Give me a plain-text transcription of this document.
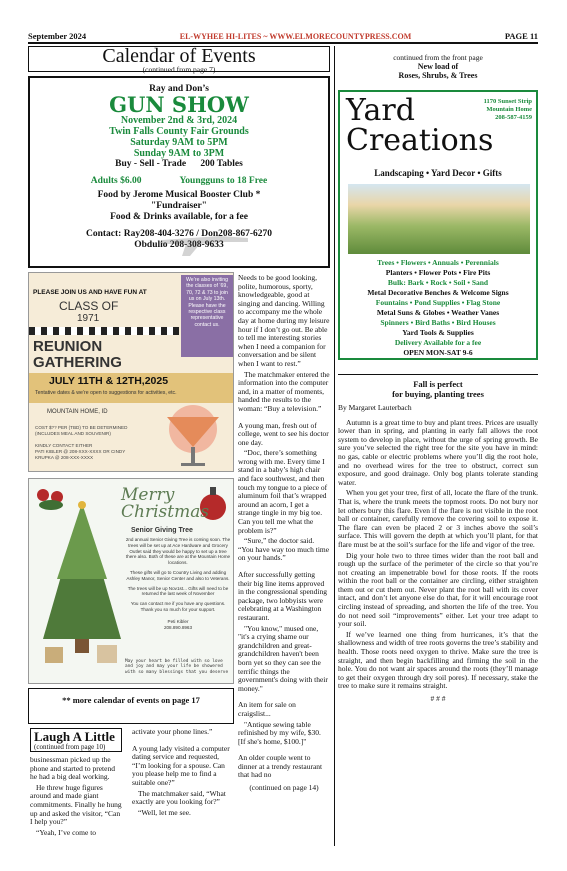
September 2024	EL-WYHEE HI-LITES ~ WWW.ELMORECOUNTYPRESS.COM	PAGE 11
Calendar of Events
(continued from page 7)
Ray and Don’s
GUN SHOW
November 2nd & 3rd, 2024
Twin Falls County Fair Grounds
Saturday 9AM to 5PM
Sunday 9AM to 3PM
Buy - Sell - Trade      200 Tables
Adults $6.00	Youngguns to 18 Free
Food by Jerome Musical Booster Club *
"Fundraiser"
Food & Drinks available, for a fee
Contact: Ray208-404-3276 / Don208-867-6270
Obdulio 208-308-9633
PLEASE JOIN US AND HAVE FUN AT
We’re also inviting the classes of ‘69, 70, 72 & 73 to join us on July 13th. Please have the respective class representative contact us.
CLASS OF
1971
REUNION
GATHERING
JULY 11TH & 12TH,2025
Tentative dates & we’re open to suggestions for activities, etc.
MOUNTAIN HOME, ID
COST $?? PER (TBD) TO BE DETERMINED
(INCLUDES MEAL AND SOUVENIR)
KINDLY CONTACT EITHER
PATI KIBLER @ 208-XXX-XXXX OR CINDY KRUPKA @ 208-XXX-XXXX
Merry Christmas
Senior Giving Tree
2nd annual Senior Giving Tree is coming soon. The trees will be set up at Ace Hardware and Grocery Outlet said they would be happy to set up a tree there also. Both of these are at the Mountain Home locations.
These gifts will go to Country Living and adding Ashley Manor, Senior Center and also to Veterans.
The trees will be up Nov1st... Gifts will need to be returned the last week of November
You can contact me if you have any questions. Thank you so much for your support.
Peti Kibler
208.890.8963
May your heart be filled with so love and joy and may your life be showered with so many blessings that you deserve
** more calendar of events on page 17
Laugh A Little
(continued from page 10)

businessman picked up the phone and started to pretend he had a big deal working.

He threw huge figures around and made giant commitments. Finally he hung up and asked the visitor, “Can I help you?”

“Yeah, I’ve come to

activate your phone lines.”

A young lady visited a computer dating service and requested, “I’m looking for a spouse. Can you please help me to find a suitable one?”

The matchmaker said, “What exactly are you looking for?”

“Well, let me see.

Needs to be good looking, polite, humorous, sporty, knowledgeable, good at singing and dancing. Willing to accompany me the whole day at home during my leisure hour if I don’t go out. Be able to tell me interesting stories when I need a companion for conversation and be silent when I want to rest.”

The matchmaker entered the information into the computer and, in a matter of moments, handed the results to the woman: “Buy a television.”

A young man, fresh out of college, went to see his doctor one day.

“Doc, there’s something wrong with me. Every time I stand in a baby’s high chair and face southwest, and then touch my tongue to a piece of aluminum foil that’s wrapped around an acorn, I get a strange tingle in my big toe. Can you tell me what the problem is?”

“Sure,” the doctor said. “You have way too much time on your hands.”

After successfully getting their big line items approved in the congressional spending package, two lobbyists were celebrating at a Washington restaurant.

"You know," mused one, "it's a crying shame our grandchildren and great-grandchildren haven't been born yet so they can see the terrific things the government's doing with their money."

An item for sale on craigslist...

"Antique sewing table refinished by my wife, $30. [If she's home, $100.]"

An older couple went to dinner at a trendy restaurant that had no

(continued on page 14)

continued from the front page
New load of
Roses, Shrubs, & Trees
Yard
Creations
1170 Sunset Strip
Mountain Home
208-587-4159
Landscaping • Yard Decor • Gifts
Trees • Flowers • Annuals • Perennials
Planters • Flower Pots • Fire Pits
Bulk: Bark • Rock • Soil • Sand
Metal Decorative Benches & Welcome Signs
Fountains • Pond Supplies • Flag Stone
Metal Suns & Globes • Weather Vanes
Spinners • Bird Baths • Bird Houses
Yard Tools & Supplies
Delivery Available for a fee
OPEN MON-SAT 9-6
Fall is perfect
for buying, planting trees

By Margaret Lauterbach

Autumn is a great time to buy and plant trees. Prices are usually lower than in spring, and planting in early fall allows the root system to develop in place, without the urge of spring growth. Be sure you’ve selected the right tree for the site you have in mind: no gas, cable or electric problems where you’ll dig the root hole, and no overhead wires for the tree to obstruct, correct sun exposure, and good drainage. Only bog plants tolerate standing water.

When you get your tree, first of all, locate the flare of the trunk. That is, where the trunk meets the topmost roots. Do not bury nor let others bury this flare. Even if the flare is not visible in the root ball or container, carefully remove the covering soil to expose it. The flare can even be placed 2 or 3 inches above the soil’s surface. This will govern the depth at which you’ll plant, for that flare must be at the soil’s surface for the life and vigor of the tree.

Dig your hole two to three times wider than the root ball and rough up the surface of the perimeter of the circle so that you’re not creating an impenetrable bowl for those roots. If the roots within the root ball or the container are circling, either straighten them out or cut them out. Never plant the root ball with its cover intact, and don’t let anyone else do that, for it will encourage root circling instead of spreading, and shorten the life of the tree. You do not need soil “improvements” either. Let your tree adapt to your soil.

If we’ve learned one thing from hurricanes, it’s that the shallowness and width of tree roots governs the tree’s stability and health. Those roots need oxygen to thrive. Make sure the tree is straight, and then begin backfilling and firming the soil in the hole. You do not want air spaces around the roots (they’ll manage to get their oxygen through dry soil pores). If necessary, stake the tree to make sure it remains straight.

# # #
